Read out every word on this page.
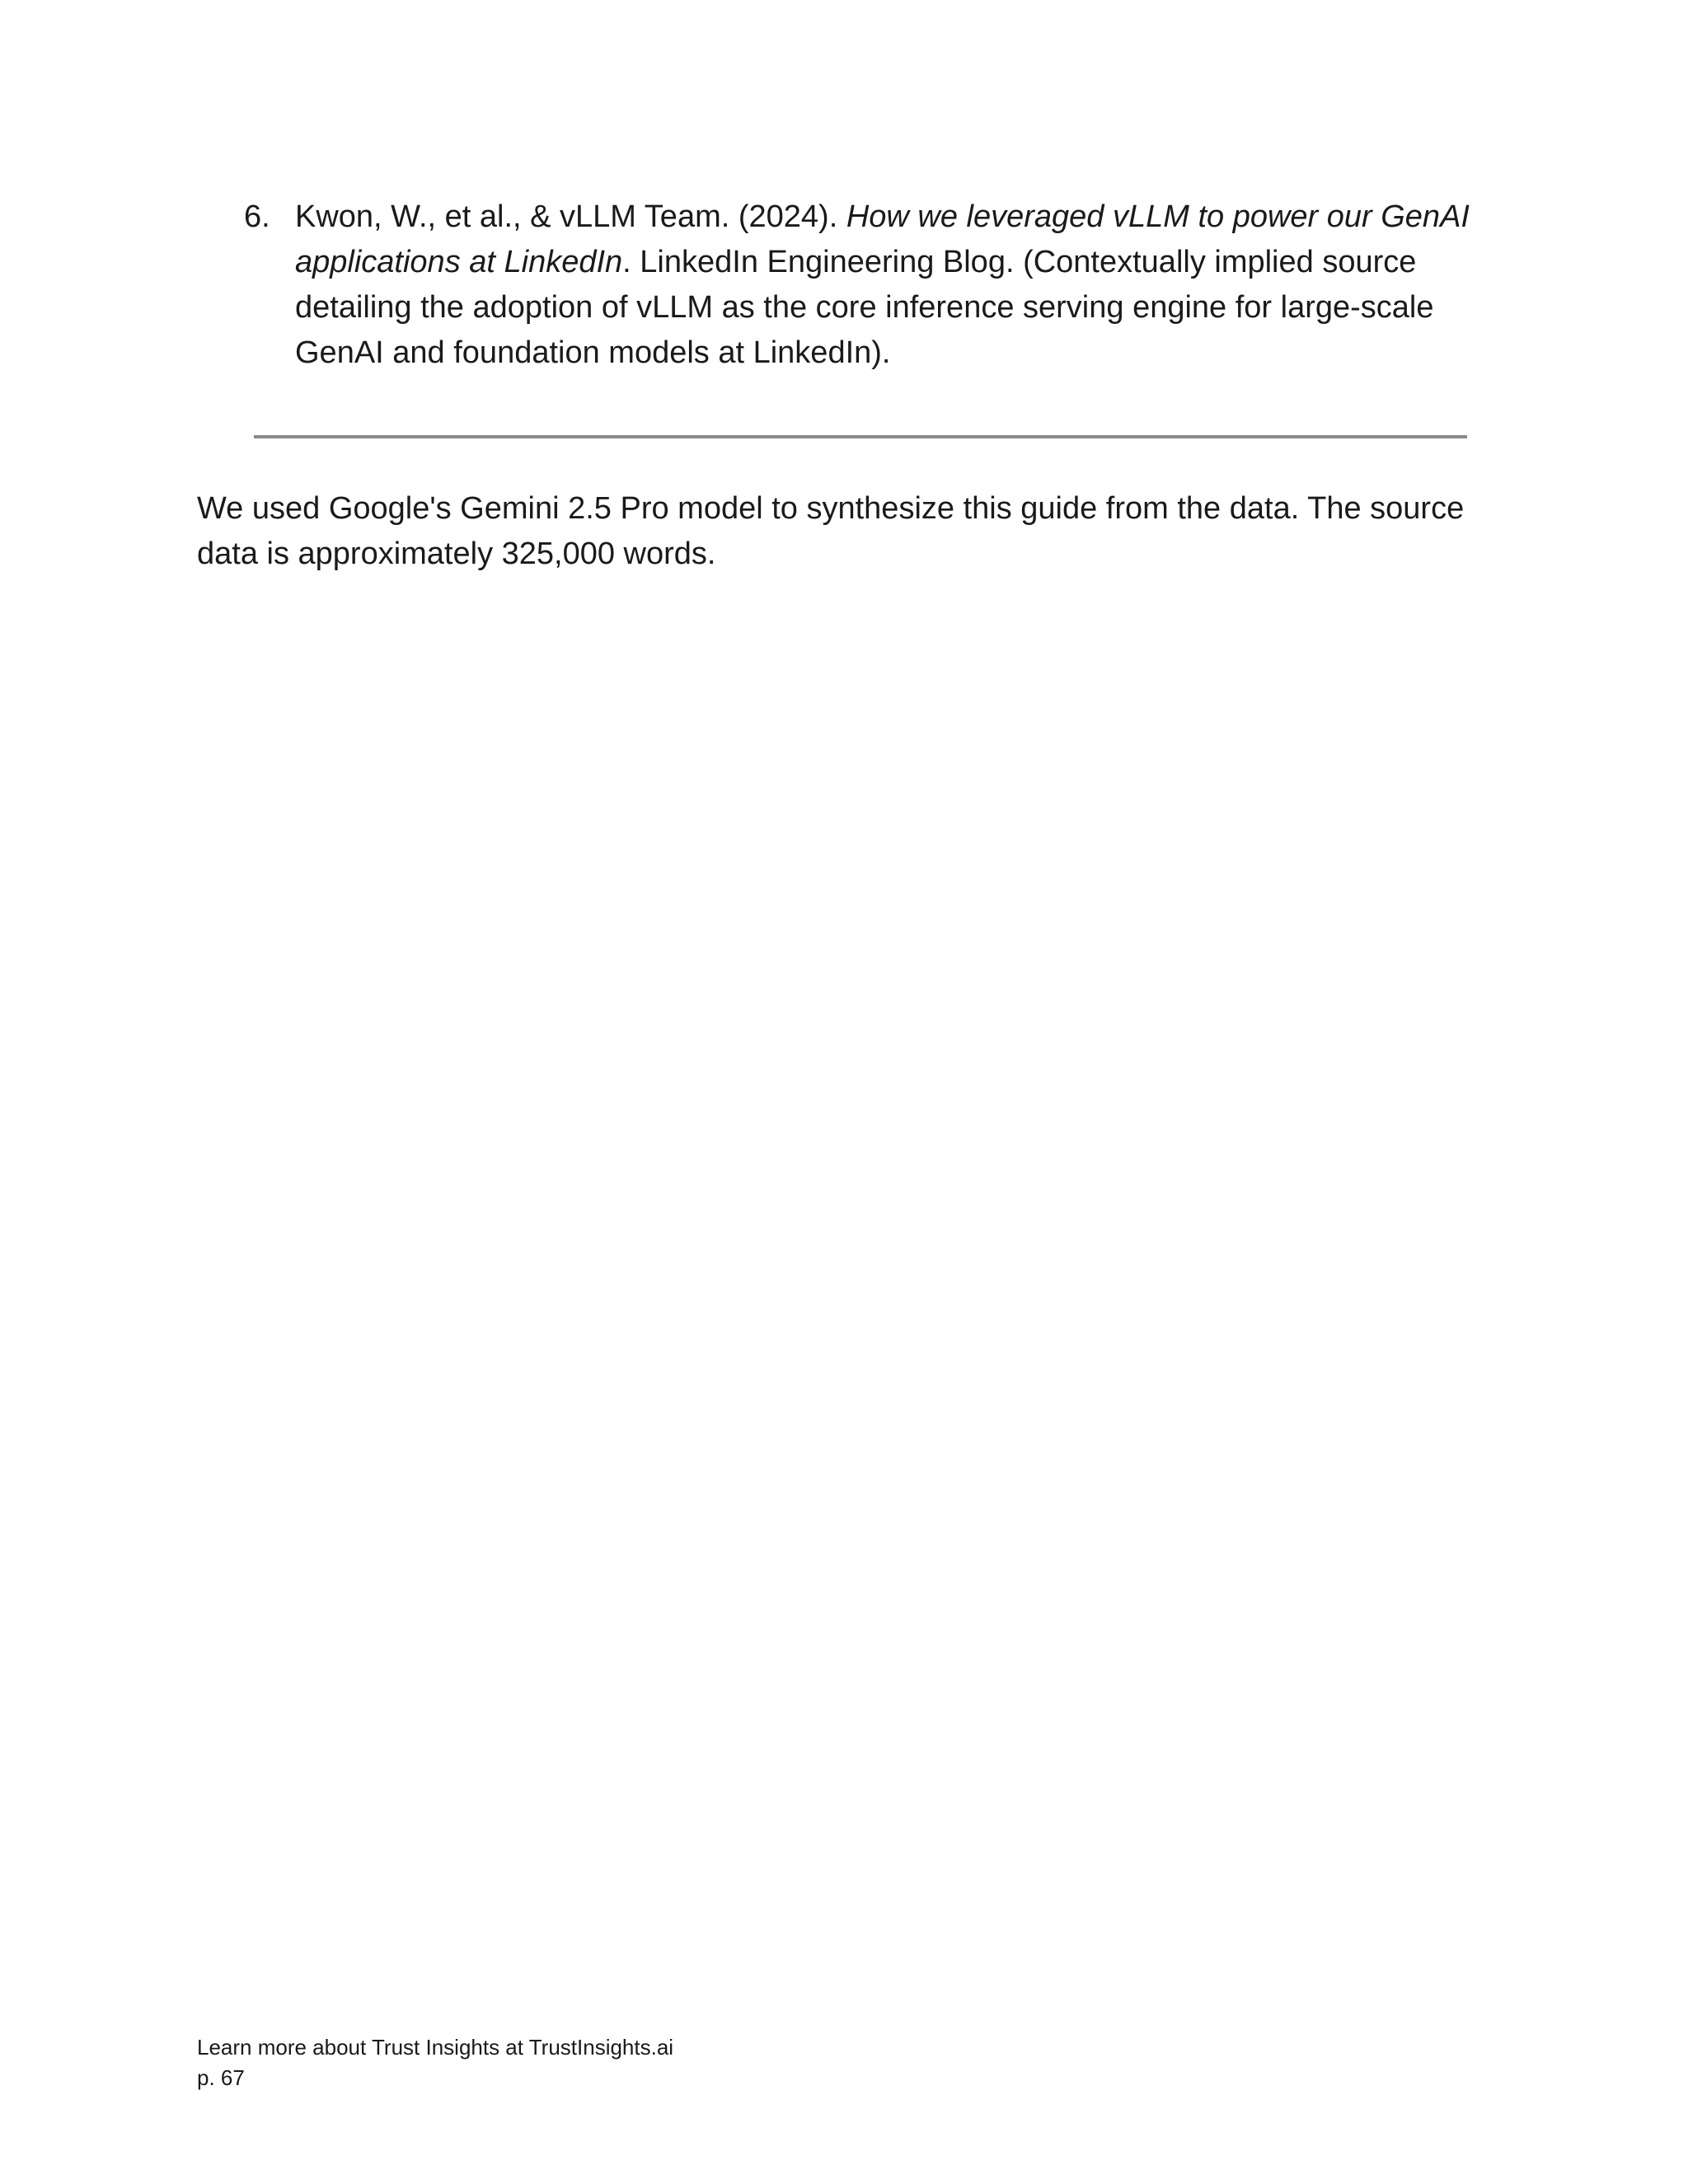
6. Kwon, W., et al., & vLLM Team. (2024). How we leveraged vLLM to power our GenAI applications at LinkedIn. LinkedIn Engineering Blog. (Contextually implied source detailing the adoption of vLLM as the core inference serving engine for large-scale GenAI and foundation models at LinkedIn).

We used Google's Gemini 2.5 Pro model to synthesize this guide from the data. The source data is approximately 325,000 words.

Learn more about Trust Insights at TrustInsights.ai
p. 67
